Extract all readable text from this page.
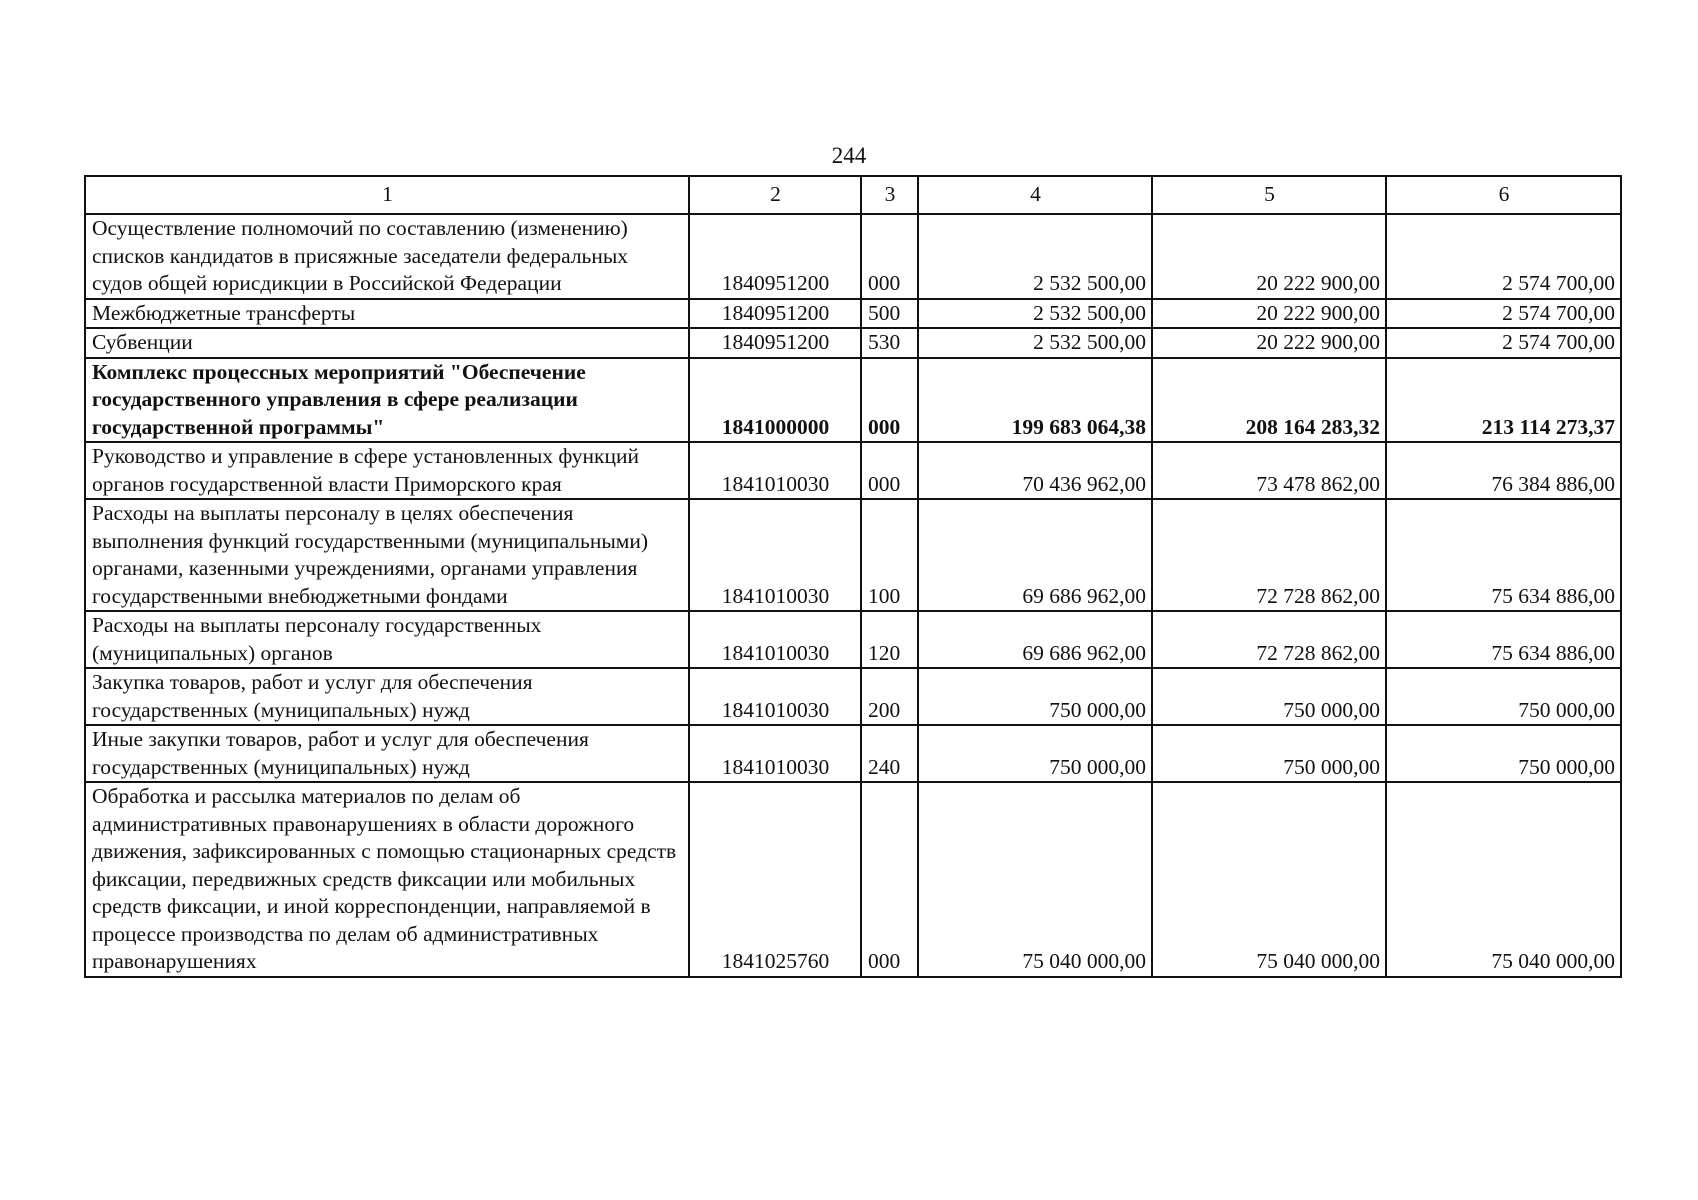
244
1	2	3	4	5	6
Осуществление полномочий по составлению (изменению) списков кандидатов в присяжные заседатели федеральных судов общей юрисдикции в Российской Федерации	1840951200	000	2 532 500,00	20 222 900,00	2 574 700,00
Межбюджетные трансферты	1840951200	500	2 532 500,00	20 222 900,00	2 574 700,00
Субвенции	1840951200	530	2 532 500,00	20 222 900,00	2 574 700,00
Комплекс процессных мероприятий "Обеспечение государственного управления в сфере реализации государственной программы"	1841000000	000	199 683 064,38	208 164 283,32	213 114 273,37
Руководство и управление в сфере установленных функций органов государственной власти Приморского края	1841010030	000	70 436 962,00	73 478 862,00	76 384 886,00
Расходы на выплаты персоналу в целях обеспечения выполнения функций государственными (муниципальными) органами, казенными учреждениями, органами управления государственными внебюджетными фондами	1841010030	100	69 686 962,00	72 728 862,00	75 634 886,00
Расходы на выплаты персоналу государственных (муниципальных) органов	1841010030	120	69 686 962,00	72 728 862,00	75 634 886,00
Закупка товаров, работ и услуг для обеспечения государственных (муниципальных) нужд	1841010030	200	750 000,00	750 000,00	750 000,00
Иные закупки товаров, работ и услуг для обеспечения государственных (муниципальных) нужд	1841010030	240	750 000,00	750 000,00	750 000,00
Обработка и рассылка материалов по делам об административных правонарушениях в области дорожного движения, зафиксированных с помощью стационарных средств фиксации, передвижных средств фиксации или мобильных средств фиксации, и иной корреспонденции, направляемой в процессе производства по делам об административных правонарушениях	1841025760	000	75 040 000,00	75 040 000,00	75 040 000,00
